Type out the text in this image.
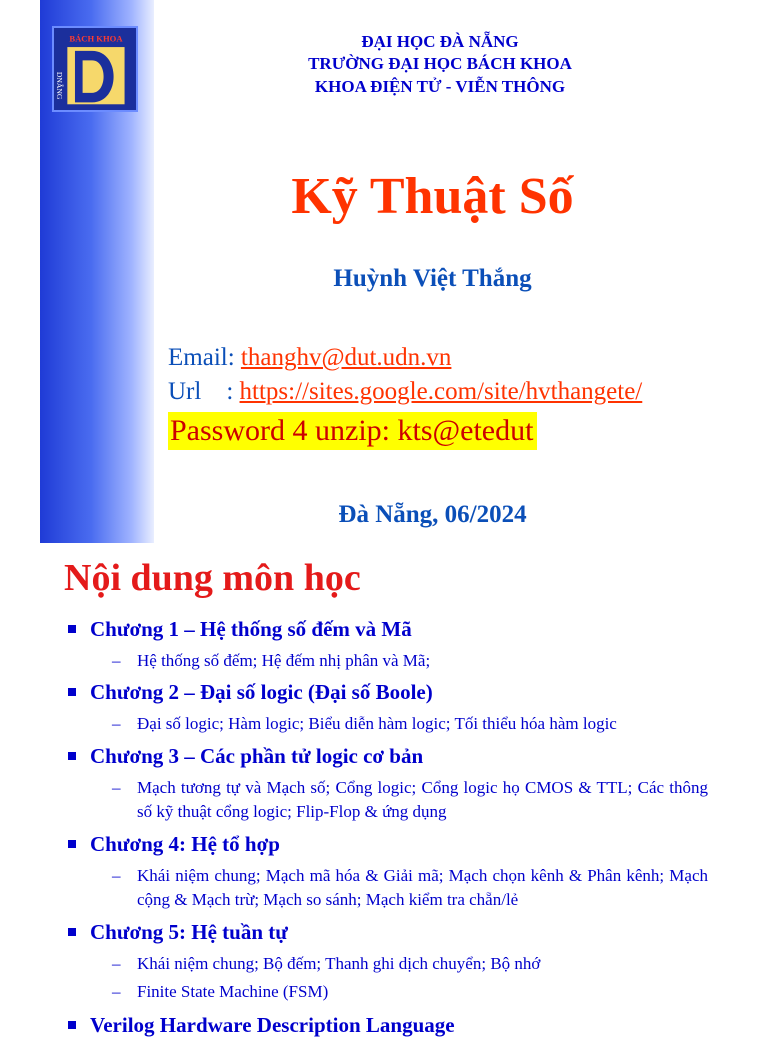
BÁCH KHOA
DNẴNG
ĐẠI HỌC ĐÀ NẴNG
TRƯỜNG ĐẠI HỌC BÁCH KHOA
KHOA ĐIỆN TỬ - VIỄN THÔNG
Kỹ Thuật Số
Huỳnh Việt Thắng
Email: thanghv@dut.udn.vn
Url    : https://sites.google.com/site/hvthangete/
Password 4 unzip: kts@etedut
Đà Nẵng, 06/2024
Nội dung môn học
Chương 1 – Hệ thống số đếm và Mã
– Hệ thống số đếm; Hệ đếm nhị phân và Mã;
Chương 2 – Đại số logic (Đại số Boole)
– Đại số logic; Hàm logic; Biểu diễn hàm logic; Tối thiểu hóa hàm logic
Chương 3 – Các phần tử logic cơ bản
– Mạch tương tự và Mạch số; Cổng logic; Cổng logic họ CMOS & TTL; Các thông số kỹ thuật cổng logic; Flip-Flop & ứng dụng
Chương 4: Hệ tổ hợp
– Khái niệm chung; Mạch mã hóa & Giải mã; Mạch chọn kênh & Phân kênh; Mạch cộng & Mạch trừ; Mạch so sánh; Mạch kiểm tra chẵn/lẻ
Chương 5: Hệ tuần tự
– Khái niệm chung; Bộ đếm; Thanh ghi dịch chuyển; Bộ nhớ
– Finite State Machine (FSM)
Verilog Hardware Description Language
